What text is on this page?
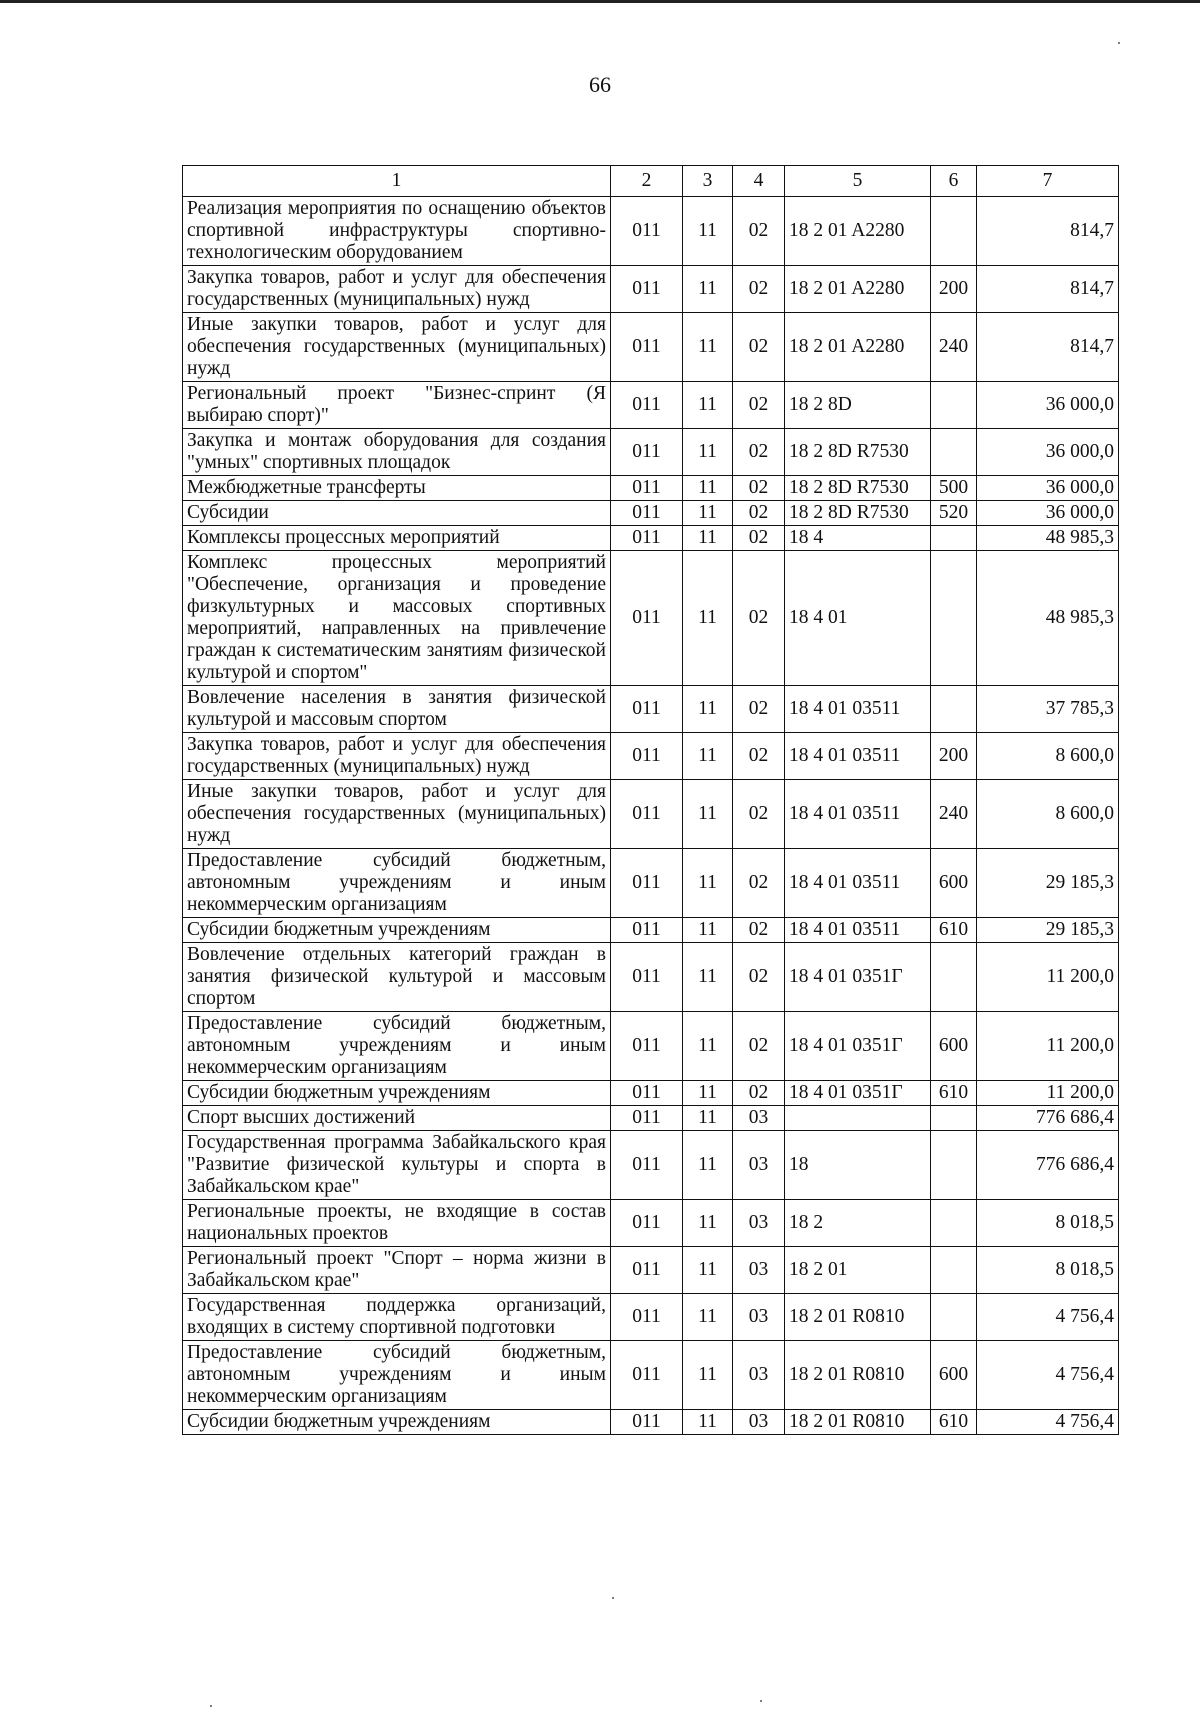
66
1	2	3	4	5	6	7
Реализация мероприятия по оснащению объектов спортивной инфраструктуры спортивно-технологическим оборудованием	011	11	02	18 2 01 A2280		814,7
Закупка товаров, работ и услуг для обеспечения государственных (муниципальных) нужд	011	11	02	18 2 01 A2280	200	814,7
Иные закупки товаров, работ и услуг для обеспечения государственных (муниципальных) нужд	011	11	02	18 2 01 A2280	240	814,7
Региональный проект "Бизнес-спринт (Я выбираю спорт)"	011	11	02	18 2 8D		36 000,0
Закупка и монтаж оборудования для создания "умных" спортивных площадок	011	11	02	18 2 8D R7530		36 000,0
Межбюджетные трансферты	011	11	02	18 2 8D R7530	500	36 000,0
Субсидии	011	11	02	18 2 8D R7530	520	36 000,0
Комплексы процессных мероприятий	011	11	02	18 4		48 985,3
Комплекс процессных мероприятий "Обеспечение, организация и проведение физкультурных и массовых спортивных мероприятий, направленных на привлечение граждан к систематическим занятиям физической культурой и спортом"	011	11	02	18 4 01		48 985,3
Вовлечение населения в занятия физической культурой и массовым спортом	011	11	02	18 4 01 03511		37 785,3
Закупка товаров, работ и услуг для обеспечения государственных (муниципальных) нужд	011	11	02	18 4 01 03511	200	8 600,0
Иные закупки товаров, работ и услуг для обеспечения государственных (муниципальных) нужд	011	11	02	18 4 01 03511	240	8 600,0
Предоставление субсидий бюджетным, автономным учреждениям и иным некоммерческим организациям	011	11	02	18 4 01 03511	600	29 185,3
Субсидии бюджетным учреждениям	011	11	02	18 4 01 03511	610	29 185,3
Вовлечение отдельных категорий граждан в занятия физической культурой и массовым спортом	011	11	02	18 4 01 0351Г		11 200,0
Предоставление субсидий бюджетным, автономным учреждениям и иным некоммерческим организациям	011	11	02	18 4 01 0351Г	600	11 200,0
Субсидии бюджетным учреждениям	011	11	02	18 4 01 0351Г	610	11 200,0
Спорт высших достижений	011	11	03			776 686,4
Государственная программа Забайкальского края "Развитие физической культуры и спорта в Забайкальском крае"	011	11	03	18		776 686,4
Региональные проекты, не входящие в состав национальных проектов	011	11	03	18 2		8 018,5
Региональный проект "Спорт – норма жизни в Забайкальском крае"	011	11	03	18 2 01		8 018,5
Государственная поддержка организаций, входящих в систему спортивной подготовки	011	11	03	18 2 01 R0810		4 756,4
Предоставление субсидий бюджетным, автономным учреждениям и иным некоммерческим организациям	011	11	03	18 2 01 R0810	600	4 756,4
Субсидии бюджетным учреждениям	011	11	03	18 2 01 R0810	610	4 756,4
